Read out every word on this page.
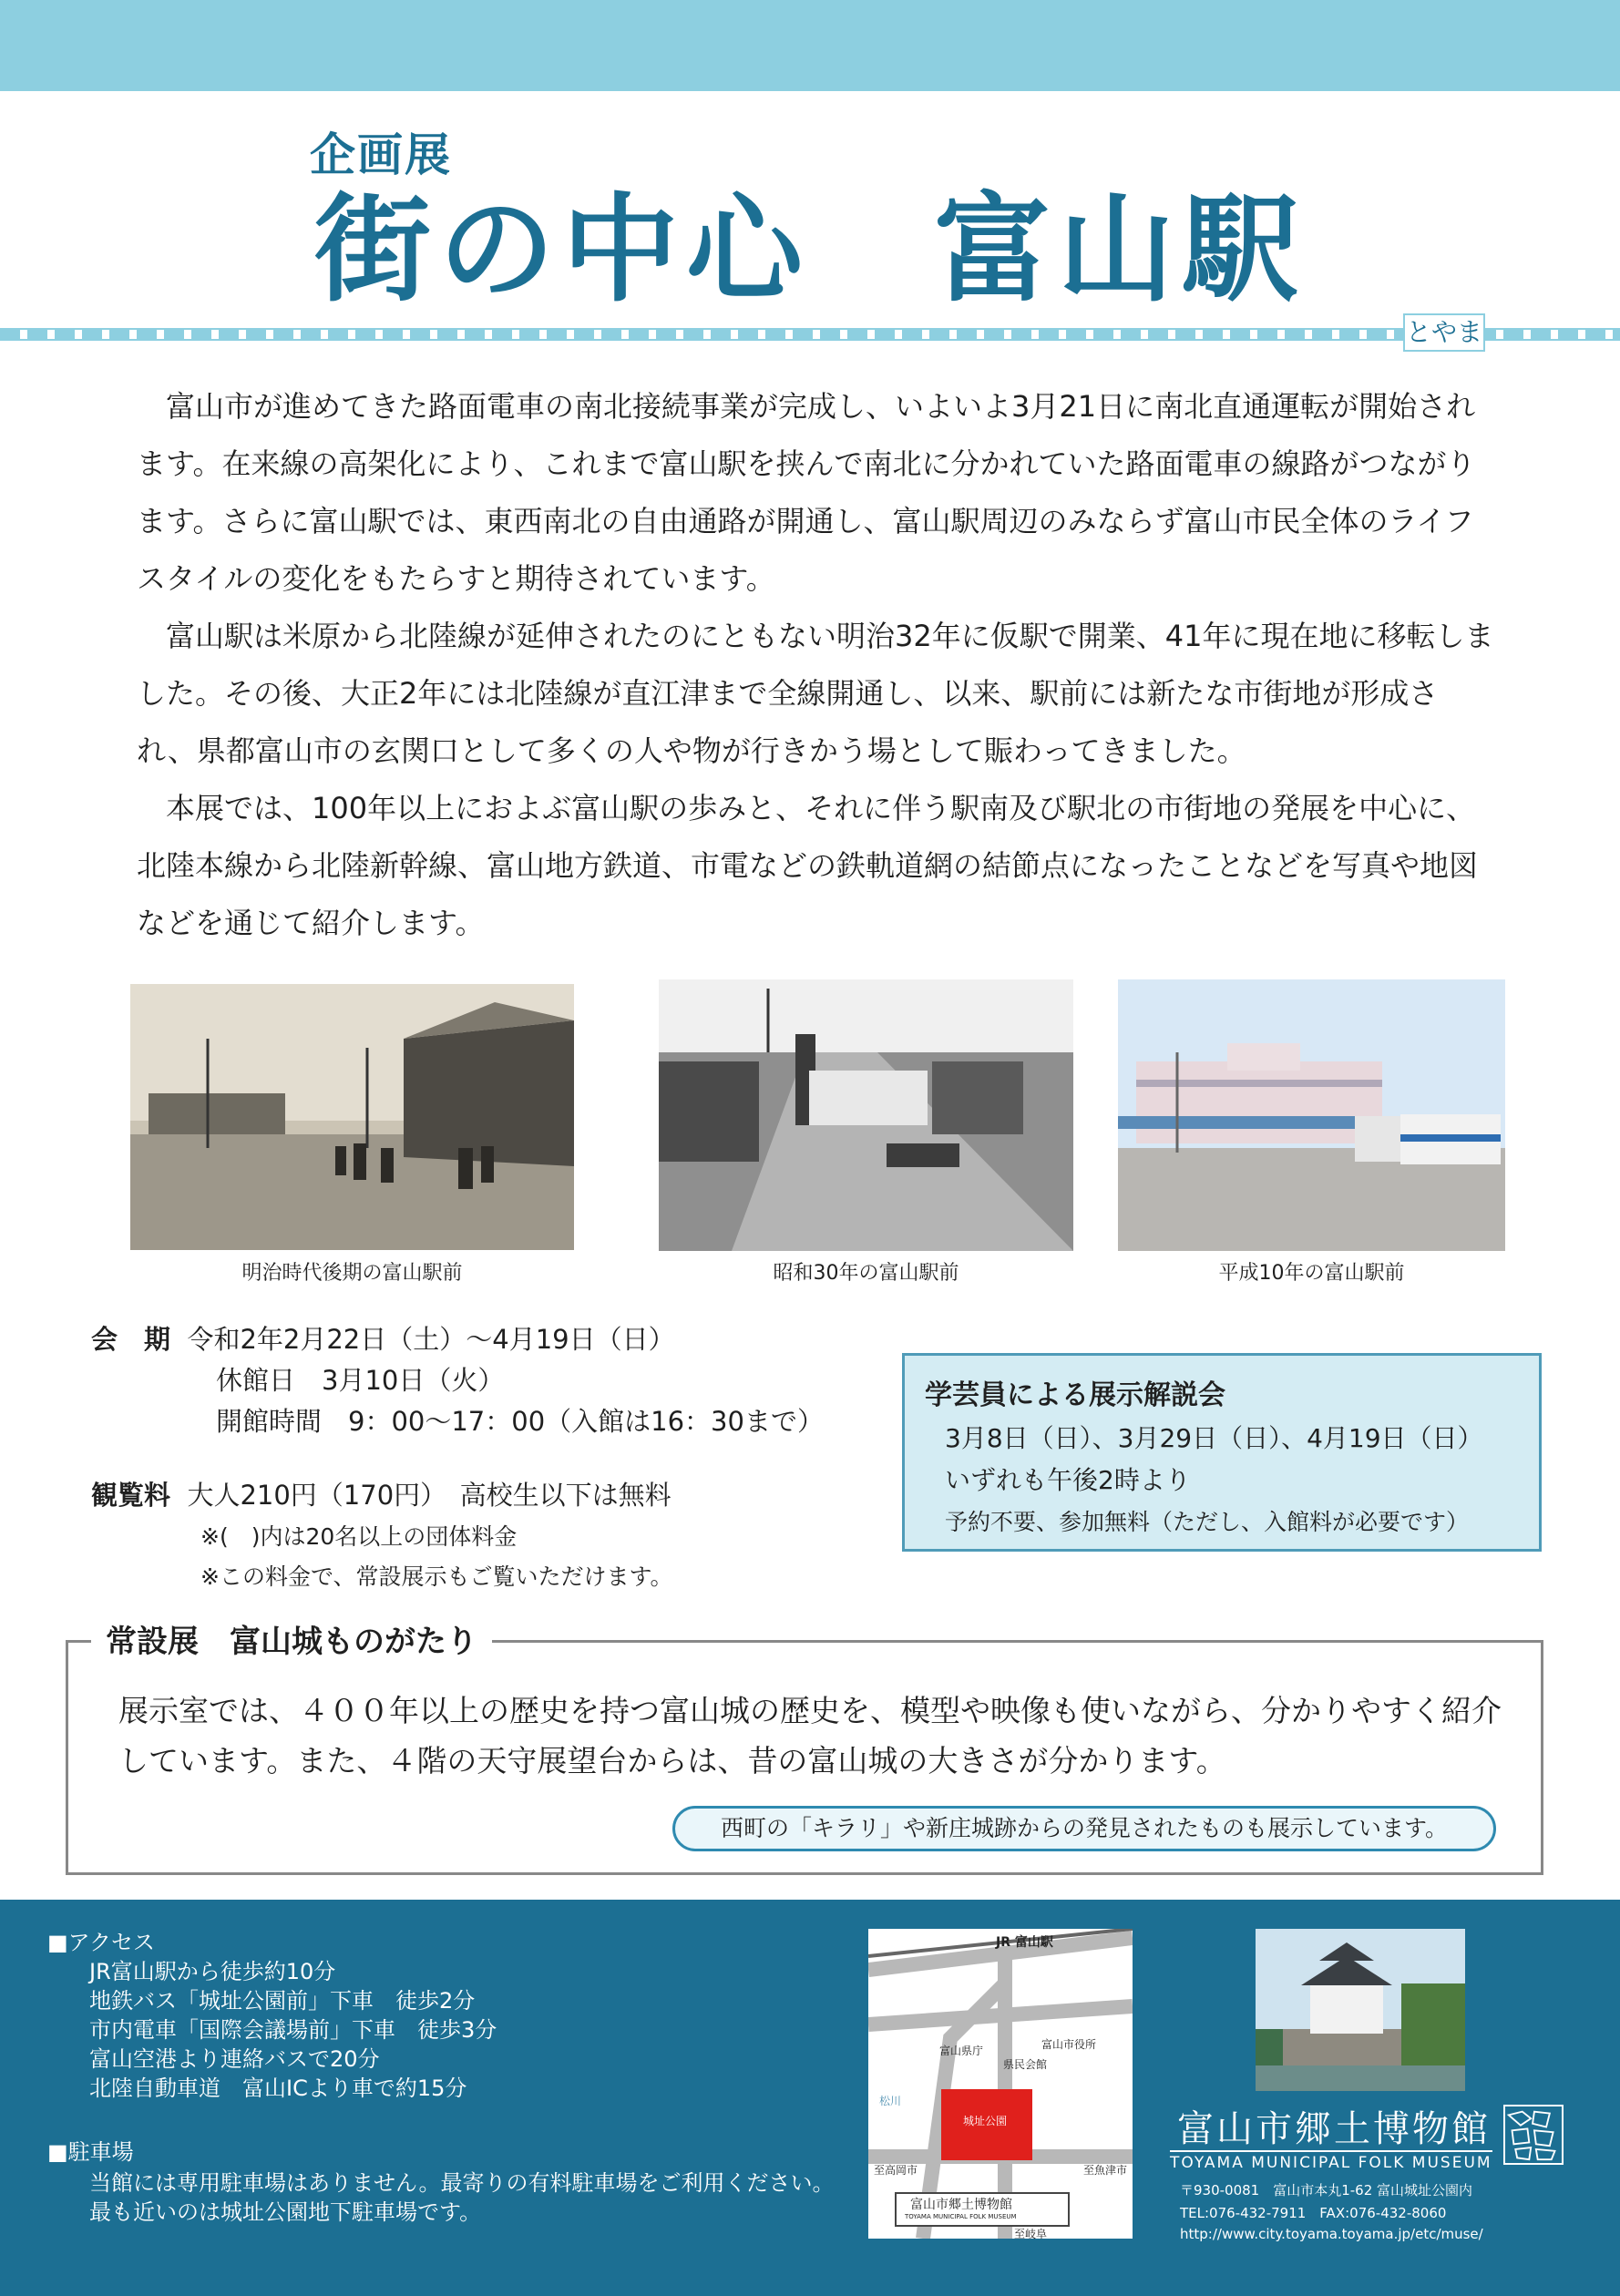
企画展
街の中心　富山駅
とやま

富山市が進めてきた路面電車の南北接続事業が完成し、いよいよ3月21日に南北直通運転が開始されます。在来線の高架化により、これまで富山駅を挟んで南北に分かれていた路面電車の線路がつながります。さらに富山駅では、東西南北の自由通路が開通し、富山駅周辺のみならず富山市民全体のライフスタイルの変化をもたらすと期待されています。

富山駅は米原から北陸線が延伸されたのにともない明治32年に仮駅で開業、41年に現在地に移転しました。その後、大正2年には北陸線が直江津まで全線開通し、以来、駅前には新たな市街地が形成され、県都富山市の玄関口として多くの人や物が行きかう場として賑わってきました。

本展では、100年以上におよぶ富山駅の歩みと、それに伴う駅南及び駅北の市街地の発展を中心に、北陸本線から北陸新幹線、富山地方鉄道、市電などの鉄軌道網の結節点になったことなどを写真や地図などを通じて紹介します。

明治時代後期の富山駅前	昭和30年の富山駅前	平成10年の富山駅前
会　期 令和2年2月22日（土）～4月19日（日）
休館日　3月10日（火）
開館時間　9：00～17：00（入館は16：30まで）
観覧料 大人210円（170円）　高校生以下は無料
※(　)内は20名以上の団体料金
※この料金で、常設展示もご覧いただけます。
学芸員による展示解説会
3月8日（日）、3月29日（日）、4月19日（日）
いずれも午後2時より
予約不要、参加無料（ただし、入館料が必要です）
常設展　富山城ものがたり
展示室では、４００年以上の歴史を持つ富山城の歴史を、模型や映像も使いながら、分かりやすく紹介しています。また、４階の天守展望台からは、昔の富山城の大きさが分かります。
西町の「キラリ」や新庄城跡からの発見されたものも展示しています。
■アクセス
JR富山駅から徒歩約10分
地鉄バス「城址公園前」下車　徒歩2分
市内電車「国際会議場前」下車　徒歩3分
富山空港より連絡バスで20分
北陸自動車道　富山ICより車で約15分
■駐車場
当館には専用駐車場はありません。最寄りの有料駐車場をご利用ください。
最も近いのは城址公園地下駐車場です。
JR 富山駅
富山県庁	富山市役所
県民会館
松川
城址公園
至高岡市	至魚津市
至岐阜
富山市郷土博物館
TOYAMA MUNICIPAL FOLK MUSEUM
富山市郷土博物館
TOYAMA MUNICIPAL FOLK MUSEUM
〒930-0081　富山市本丸1-62 富山城址公園内
TEL:076-432-7911　FAX:076-432-8060
http://www.city.toyama.toyama.jp/etc/muse/
